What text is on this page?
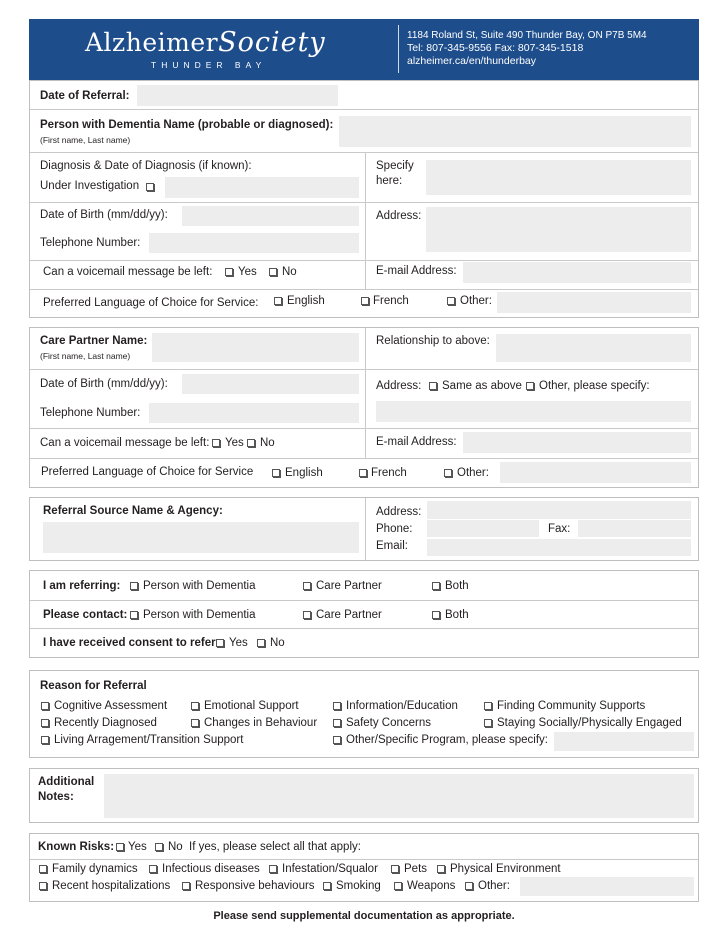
AlzheimerSociety
THUNDER BAY
1184 Roland St, Suite 490 Thunder Bay, ON P7B 5M4
Tel: 807-345-9556 Fax: 807-345-1518
alzheimer.ca/en/thunderbay
Date of Referral:
Person with Dementia Name (probable or diagnosed):
(First name, Last name)
Diagnosis & Date of Diagnosis (if known):
Under Investigation
Specify
here:
Date of Birth (mm/dd/yy):	Address:
Telephone Number:
Can a voicemail message be left: Yes No	E-mail Address:
Preferred Language of Choice for Service: English	French	Other:
Care Partner Name:
(First name, Last name)
Relationship to above:
Date of Birth (mm/dd/yy):	Address: Same as above Other, please specify:
Telephone Number:
Can a voicemail message be left: Yes No	E-mail Address:
Preferred Language of Choice for Service	English	French	Other:
Referral Source Name & Agency:	Address:
Phone:	Fax:
Email:
I am referring: Person with Dementia	Care Partner	Both
Please contact: Person with Dementia	Care Partner	Both
I have received consent to refer Yes No
Reason for Referral
Cognitive Assessment	Emotional Support	Information/Education	Finding Community Supports
Recently Diagnosed	Changes in Behaviour	Safety Concerns	Staying Socially/Physically Engaged
Living Arragement/Transition Support	Other/Specific Program, please specify:
Additional
Notes:
Known Risks: Yes No If yes, please select all that apply:
Family dynamics Infectious diseases Infestation/Squalor Pets Physical Environment
Recent hospitalizations Responsive behaviours Smoking Weapons Other:
Please send supplemental documentation as appropriate.
